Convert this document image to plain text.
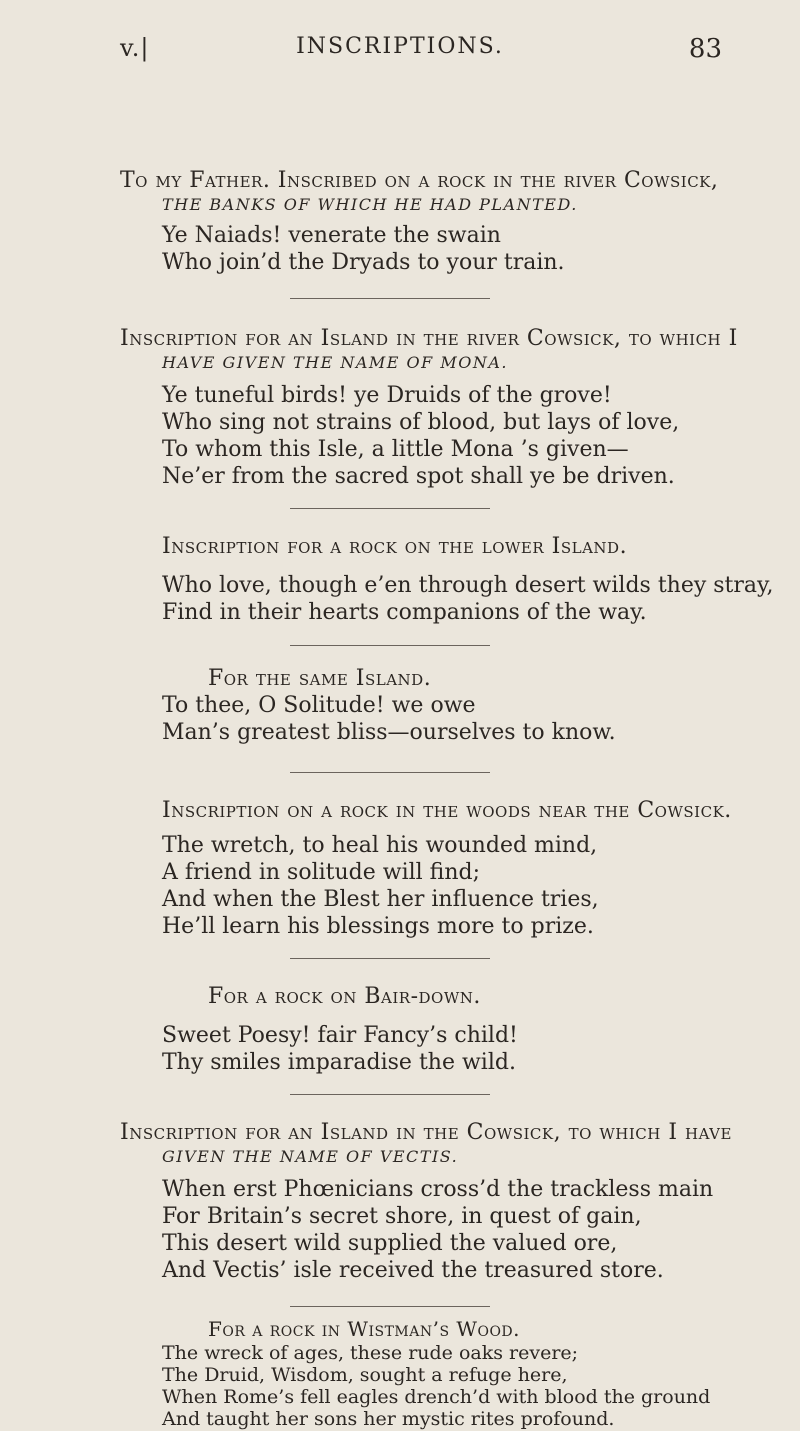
v.|	INSCRIPTIONS.	83
To my Father. Inscribed on a rock in the river Cowsick,
THE BANKS OF WHICH HE HAD PLANTED.
Ye Naiads! venerate the swain
Who join’d the Dryads to your train.
Inscription for an Island in the river Cowsick, to which I
HAVE GIVEN THE NAME OF MONA.
Ye tuneful birds! ye Druids of the grove!
Who sing not strains of blood, but lays of love,
To whom this Isle, a little Mona ’s given—
Ne’er from the sacred spot shall ye be driven.
Inscription for a rock on the lower Island.
Who love, though e’en through desert wilds they stray,
Find in their hearts companions of the way.
For the same Island.
To thee, O Solitude! we owe
Man’s greatest bliss—ourselves to know.
Inscription on a rock in the woods near the Cowsick.
The wretch, to heal his wounded mind,
A friend in solitude will find;
And when the Blest her influence tries,
He’ll learn his blessings more to prize.
For a rock on Bair-down.
Sweet Poesy! fair Fancy’s child!
Thy smiles imparadise the wild.
Inscription for an Island in the Cowsick, to which I have
GIVEN THE NAME OF VECTIS.
When erst Phœnicians cross’d the trackless main
For Britain’s secret shore, in quest of gain,
This desert wild supplied the valued ore,
And Vectis’ isle received the treasured store.
For a rock in Wistman’s Wood.
The wreck of ages, these rude oaks revere;
The Druid, Wisdom, sought a refuge here,
When Rome’s fell eagles drench’d with blood the ground
And taught her sons her mystic rites profound.
